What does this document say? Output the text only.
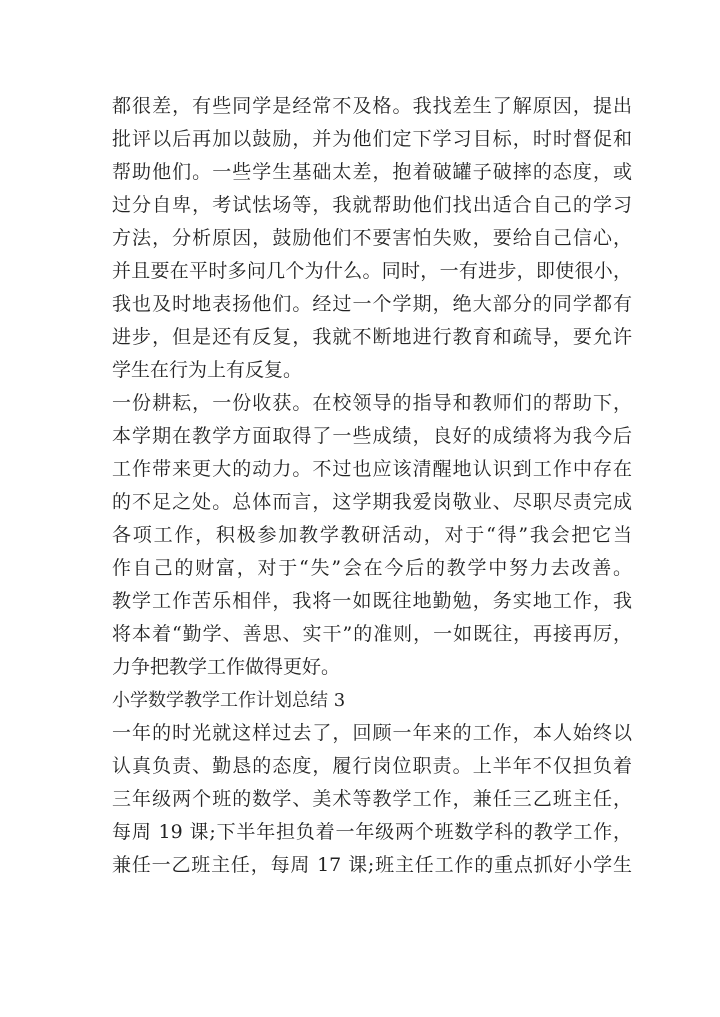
都很差，有些同学是经常不及格。我找差生了解原因，提出
批评以后再加以鼓励，并为他们定下学习目标，时时督促和
帮助他们。一些学生基础太差，抱着破罐子破摔的态度，或
过分自卑，考试怯场等，我就帮助他们找出适合自己的学习
方法，分析原因，鼓励他们不要害怕失败，要给自己信心，
并且要在平时多问几个为什么。同时，一有进步，即使很小，
我也及时地表扬他们。经过一个学期，绝大部分的同学都有
进步，但是还有反复，我就不断地进行教育和疏导，要允许
学生在行为上有反复。
一份耕耘，一份收获。在校领导的指导和教师们的帮助下，
本学期在教学方面取得了一些成绩，良好的成绩将为我今后
工作带来更大的动力。不过也应该清醒地认识到工作中存在
的不足之处。总体而言，这学期我爱岗敬业、尽职尽责完成
各项工作，积极参加教学教研活动，对于“得”我会把它当
作自己的财富，对于“失”会在今后的教学中努力去改善。
教学工作苦乐相伴，我将一如既往地勤勉，务实地工作，我
将本着“勤学、善思、实干”的准则，一如既往，再接再厉，
力争把教学工作做得更好。
小学数学教学工作计划总结 3
一年的时光就这样过去了，回顾一年来的工作，本人始终以
认真负责、勤恳的态度，履行岗位职责。上半年不仅担负着
三年级两个班的数学、美术等教学工作，兼任三乙班主任，
每周 19 课;下半年担负着一年级两个班数学科的教学工作，
兼任一乙班主任，每周 17 课;班主任工作的重点抓好小学生
